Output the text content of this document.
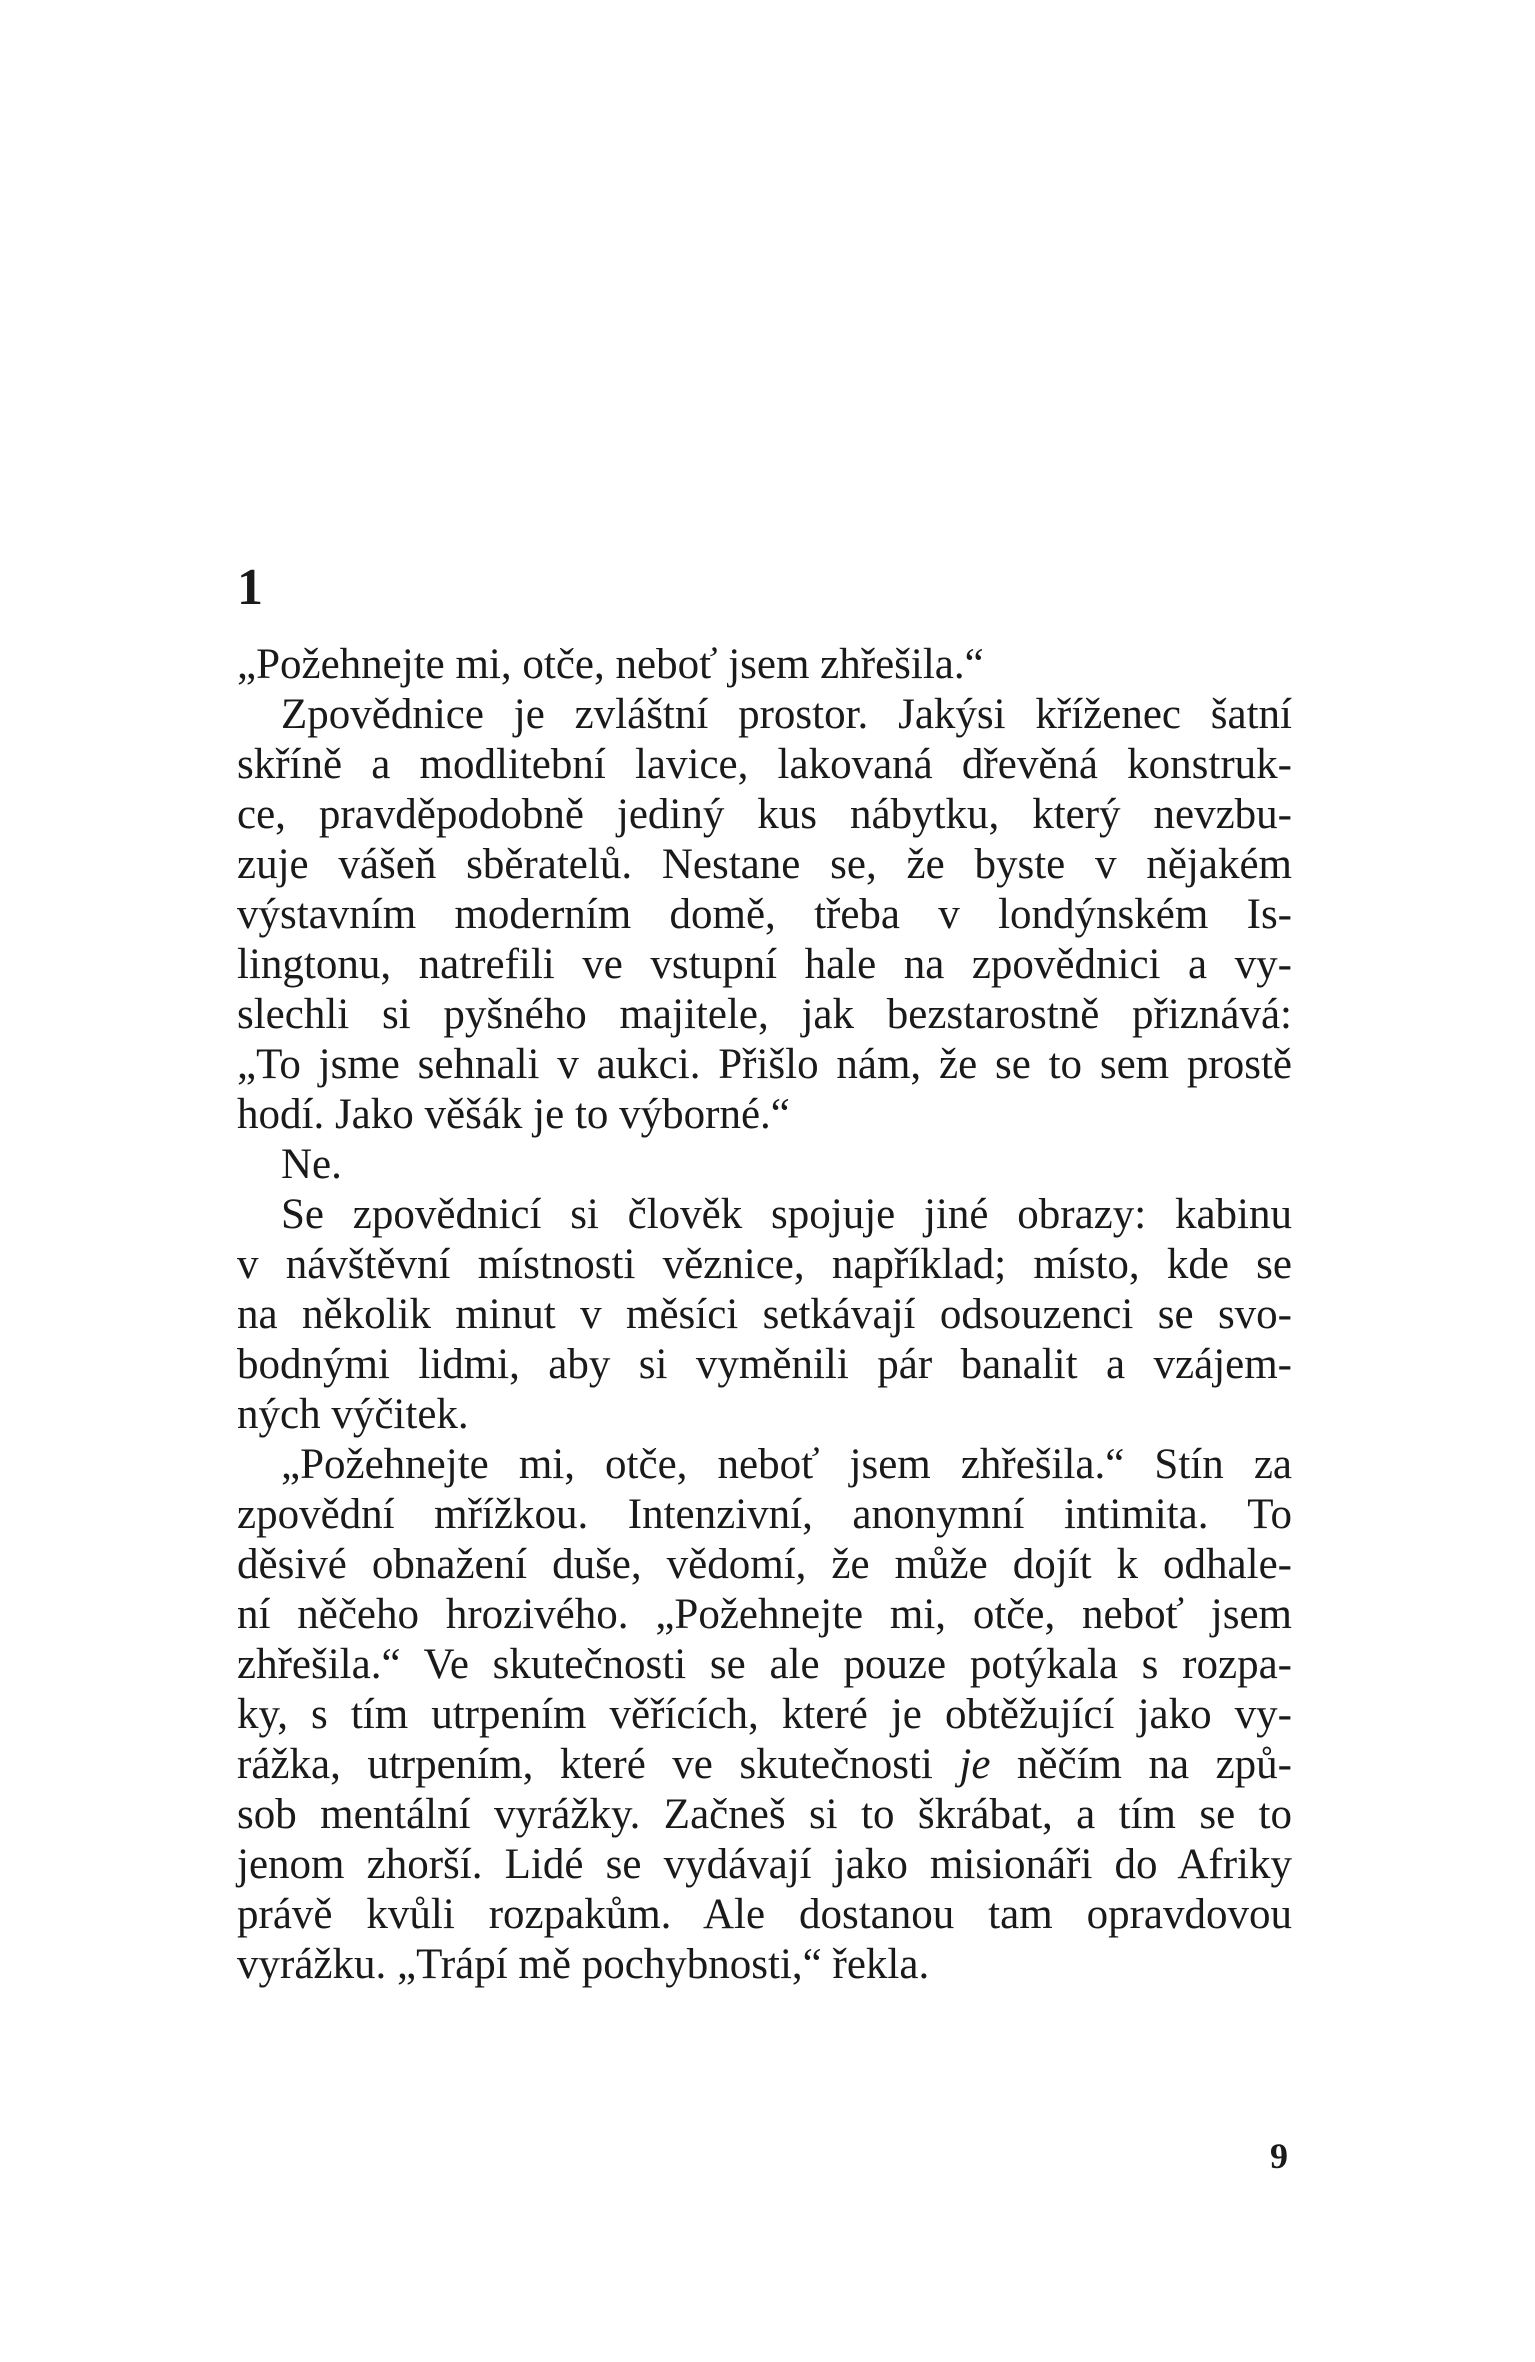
1
„Požehnejte mi, otče, neboť jsem zhřešila.“
Zpovědnice je zvláštní prostor. Jakýsi kříženec šatní
skříně a modlitební lavice, lakovaná dřevěná konstruk-
ce, pravděpodobně jediný kus nábytku, který nevzbu-
zuje vášeň sběratelů. Nestane se, že byste v nějakém
výstavním moderním domě, třeba v londýnském Is-
lingtonu, natrefili ve vstupní hale na zpovědnici a vy-
slechli si pyšného majitele, jak bezstarostně přiznává:
„To jsme sehnali v aukci. Přišlo nám, že se to sem prostě
hodí. Jako věšák je to výborné.“
Ne.
Se zpovědnicí si člověk spojuje jiné obrazy: kabinu
v návštěvní místnosti věznice, například; místo, kde se
na několik minut v měsíci setkávají odsouzenci se svo-
bodnými lidmi, aby si vyměnili pár banalit a vzájem-
ných výčitek.
„Požehnejte mi, otče, neboť jsem zhřešila.“ Stín za
zpovědní mřížkou. Intenzivní, anonymní intimita. To
děsivé obnažení duše, vědomí, že může dojít k odhale-
ní něčeho hrozivého. „Požehnejte mi, otče, neboť jsem
zhřešila.“ Ve skutečnosti se ale pouze potýkala s rozpa-
ky, s tím utrpením věřících, které je obtěžující jako vy-
rážka, utrpením, které ve skutečnosti je něčím na způ-
sob mentální vyrážky. Začneš si to škrábat, a tím se to
jenom zhorší. Lidé se vydávají jako misionáři do Afriky
právě kvůli rozpakům. Ale dostanou tam opravdovou
vyrážku. „Trápí mě pochybnosti,“ řekla.
9
